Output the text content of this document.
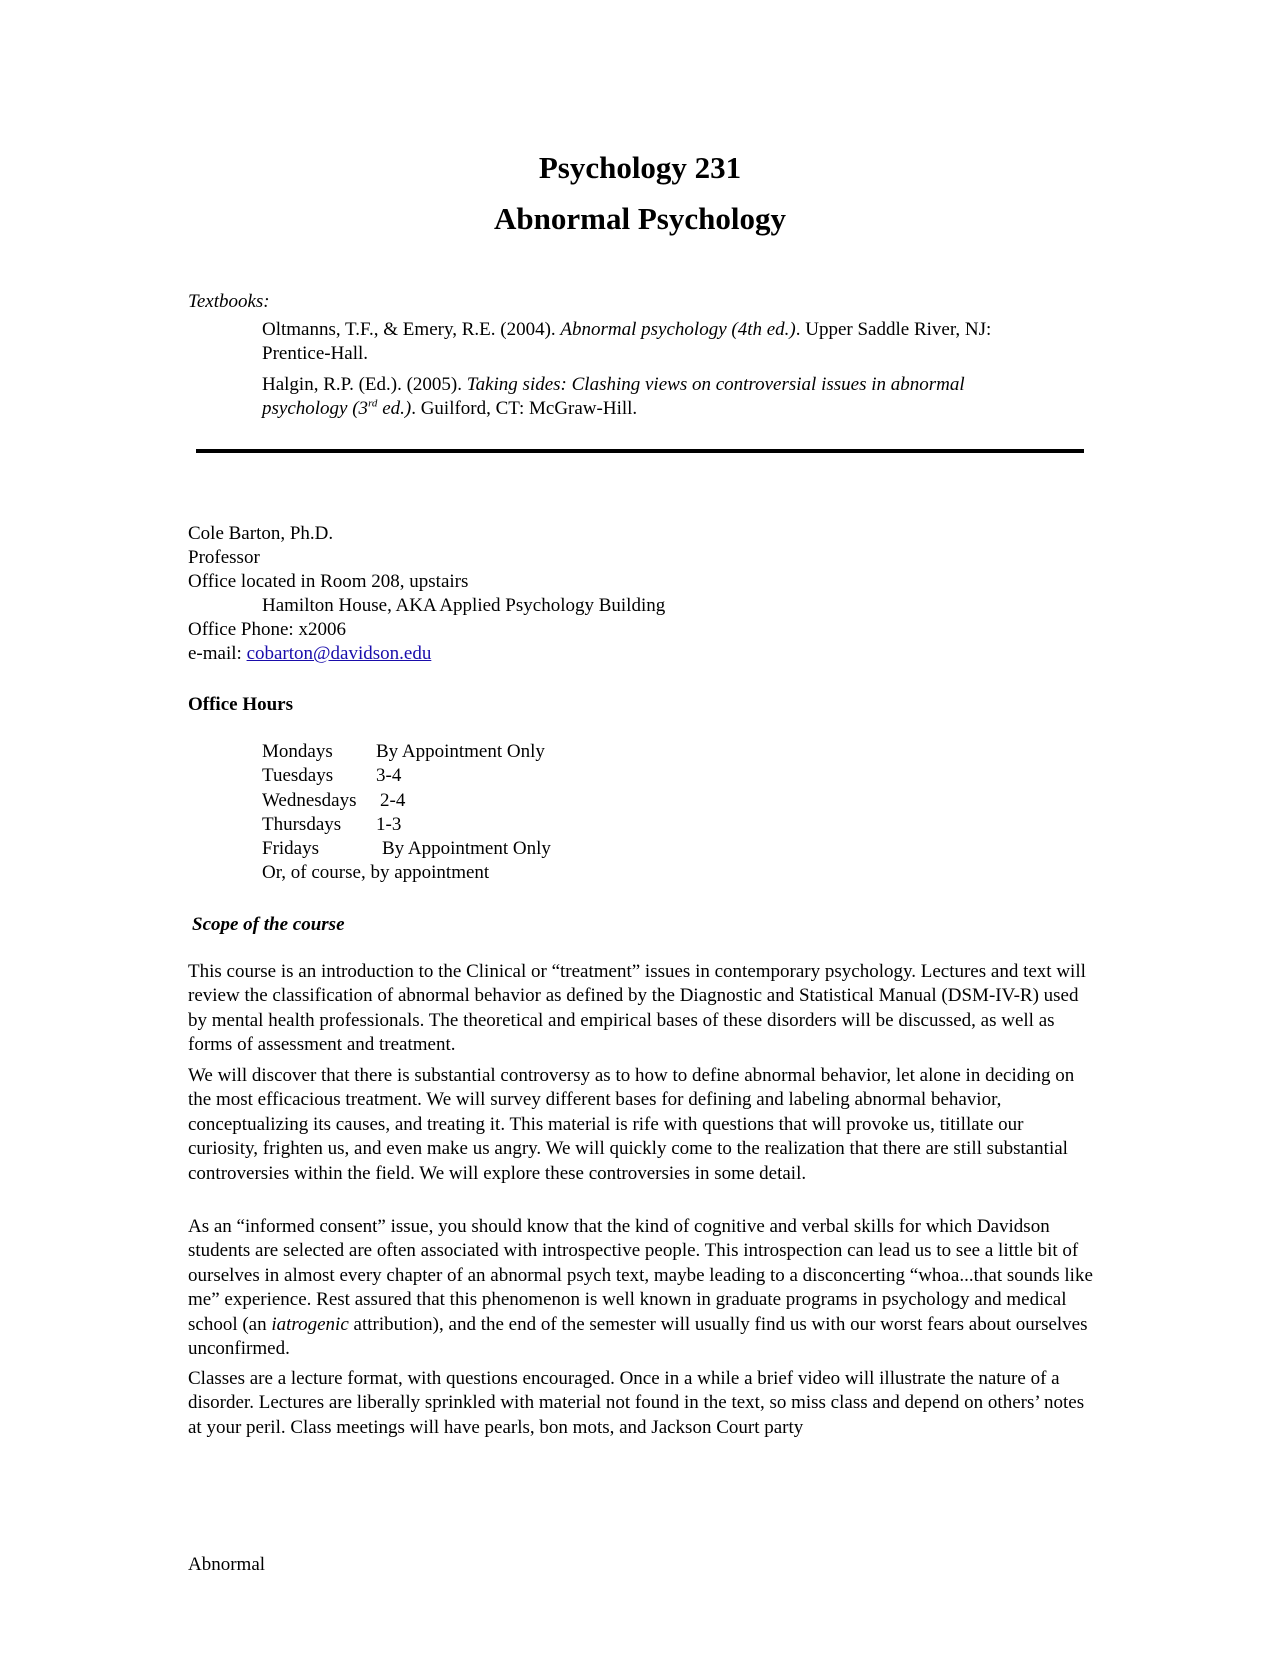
Psychology 231
Abnormal Psychology
Textbooks:
Oltmanns, T.F., & Emery, R.E. (2004). Abnormal psychology (4th ed.). Upper Saddle River, NJ:
Prentice-Hall.
Halgin, R.P. (Ed.). (2005). Taking sides: Clashing views on controversial issues in abnormal
psychology (3rd ed.). Guilford, CT: McGraw-Hill.
Cole Barton, Ph.D.
Professor
Office located in Room 208, upstairs
Hamilton House, AKA Applied Psychology Building
Office Phone: x2006
e-mail: cobarton@davidson.edu
Office Hours
Mondays	By Appointment Only
Tuesdays	3-4
Wednesdays	2-4
Thursdays	1-3
Fridays	By Appointment Only
Or, of course, by appointment
Scope of the course

This course is an introduction to the Clinical or “treatment” issues in contemporary psychology. Lectures and text will review the classification of abnormal behavior as defined by the Diagnostic and Statistical Manual (DSM-IV-R) used by mental health professionals. The theoretical and empirical bases of these disorders will be discussed, as well as forms of assessment and treatment.

We will discover that there is substantial controversy as to how to define abnormal behavior, let alone in deciding on the most efficacious treatment. We will survey different bases for defining and labeling abnormal behavior, conceptualizing its causes, and treating it. This material is rife with questions that will provoke us, titillate our curiosity, frighten us, and even make us angry. We will quickly come to the realization that there are still substantial controversies within the field. We will explore these controversies in some detail.

As an “informed consent” issue, you should know that the kind of cognitive and verbal skills for which Davidson students are selected are often associated with introspective people. This introspection can lead us to see a little bit of ourselves in almost every chapter of an abnormal psych text, maybe leading to a disconcerting “whoa...that sounds like me” experience. Rest assured that this phenomenon is well known in graduate programs in psychology and medical school (an iatrogenic attribution), and the end of the semester will usually find us with our worst fears about ourselves unconfirmed.

Classes are a lecture format, with questions encouraged. Once in a while a brief video will illustrate the nature of a disorder. Lectures are liberally sprinkled with material not found in the text, so miss class and depend on others’ notes at your peril. Class meetings will have pearls, bon mots, and Jackson Court party

Abnormal
